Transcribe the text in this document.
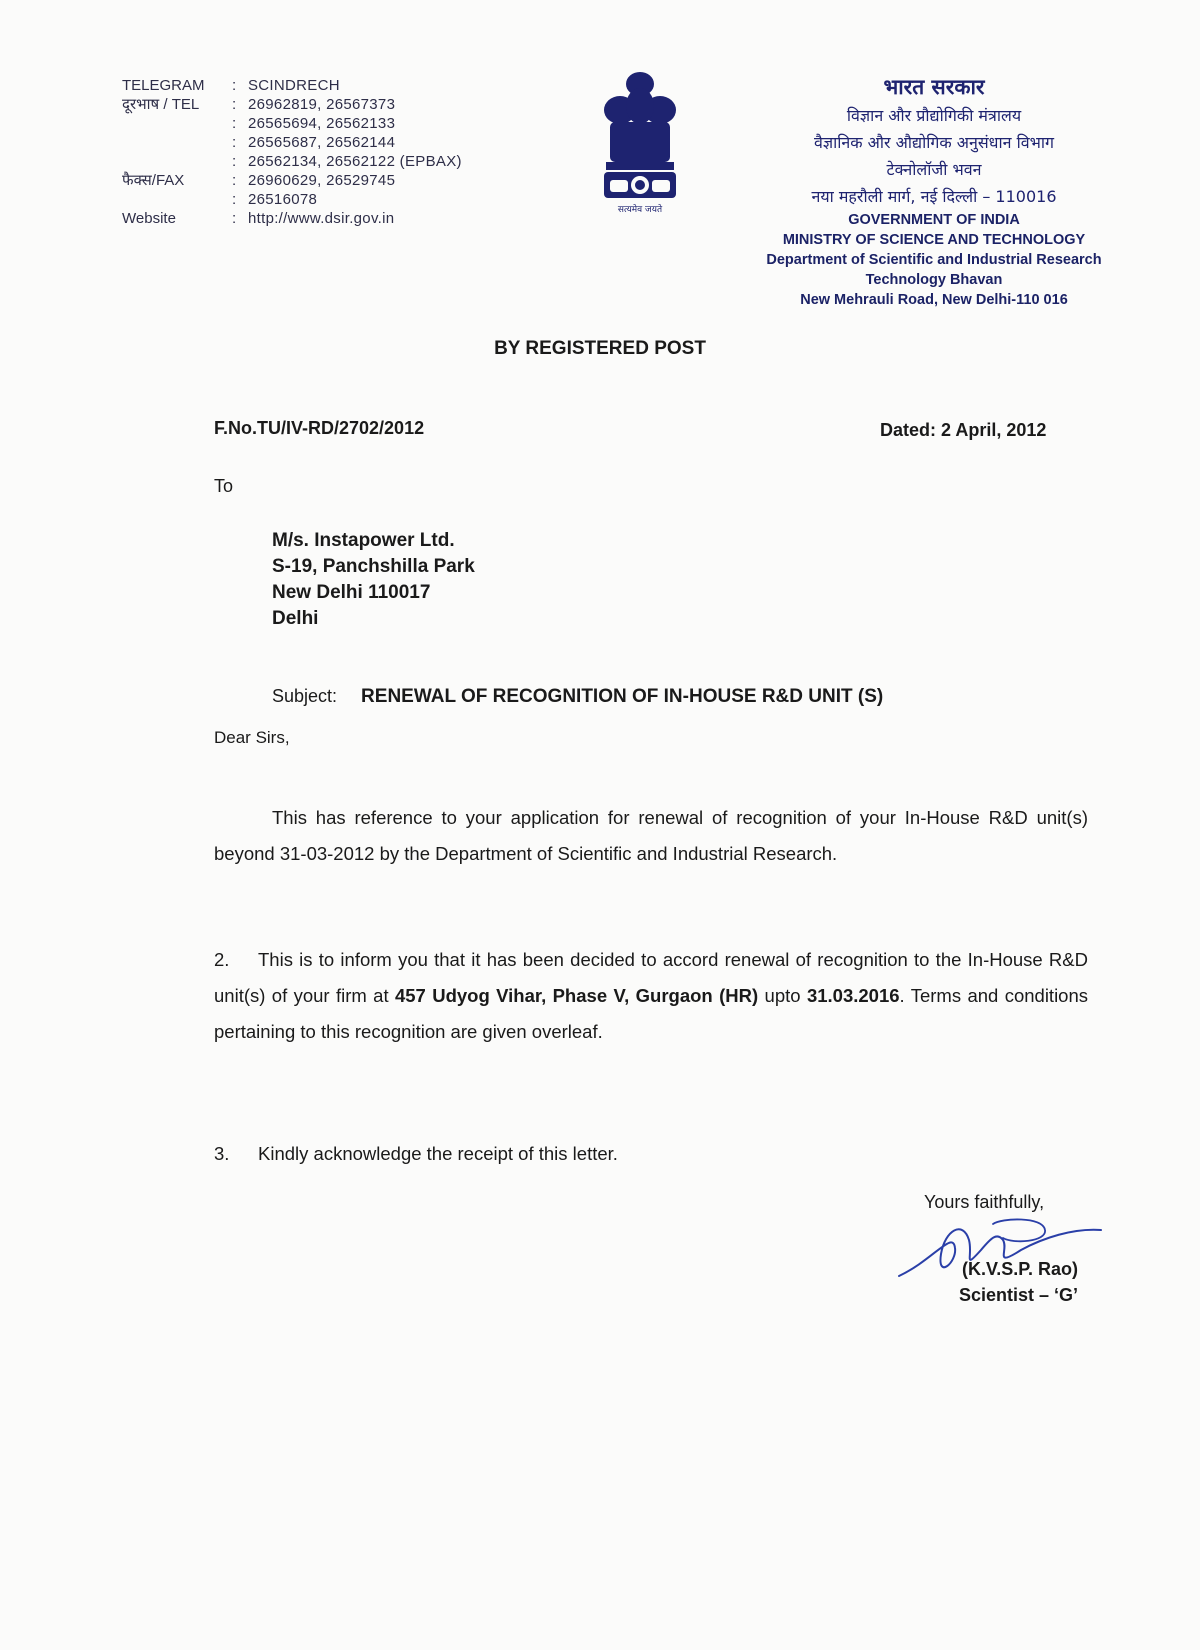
TELEGRAM	: SCINDRECH
दूरभाष / TEL	: 26962819, 26567373
: 26565694, 26562133
: 26565687, 26562144
: 26562134, 26562122 (EPBAX)
फैक्स/FAX	: 26960629, 26529745
: 26516078
Website	: http://www.dsir.gov.in	सत्यमेव जयते
भारत सरकार
विज्ञान और प्रौद्योगिकी मंत्रालय
वैज्ञानिक और औद्योगिक अनुसंधान विभाग
टेक्नोलॉजी भवन
नया महरौली मार्ग, नई दिल्ली – 110016
GOVERNMENT OF INDIA
MINISTRY OF SCIENCE AND TECHNOLOGY
Department of Scientific and Industrial Research
Technology Bhavan
New Mehrauli Road, New Delhi-110 016
BY REGISTERED POST
F.No.TU/IV-RD/2702/2012	Dated: 2 April, 2012
To
M/s. Instapower Ltd.
S-19, Panchshilla Park
New Delhi 110017
Delhi
Subject: RENEWAL OF RECOGNITION OF IN-HOUSE R&D UNIT (S)
Dear Sirs,
This has reference to your application for renewal of recognition of your In-House R&D unit(s) beyond 31-03-2012 by the Department of Scientific and Industrial Research.
2. This is to inform you that it has been decided to accord renewal of recognition to the In-House R&D unit(s) of your firm at 457 Udyog Vihar, Phase V, Gurgaon (HR) upto 31.03.2016. Terms and conditions pertaining to this recognition are given overleaf.
3. Kindly acknowledge the receipt of this letter.
Yours faithfully,
(K.V.S.P. Rao)
Scientist – ‘G’
